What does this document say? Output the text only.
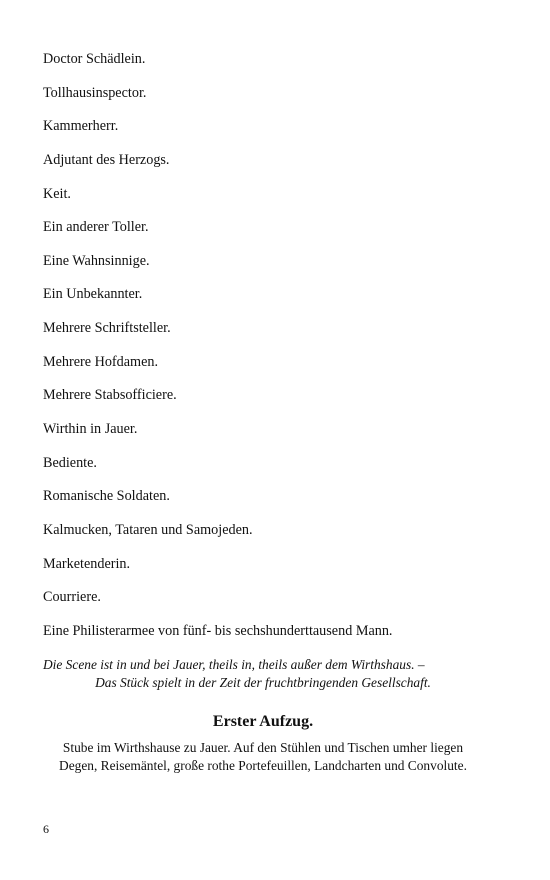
Doctor Schädlein.
Tollhausinspector.
Kammerherr.
Adjutant des Herzogs.
Keit.
Ein anderer Toller.
Eine Wahnsinnige.
Ein Unbekannter.
Mehrere Schriftsteller.
Mehrere Hofdamen.
Mehrere Stabsofficiere.
Wirthin in Jauer.
Bediente.
Romanische Soldaten.
Kalmucken, Tataren und Samojeden.
Marketenderin.
Courriere.
Eine Philisterarmee von fünf- bis sechshunderttausend Mann.
Die Scene ist in und bei Jauer, theils in, theils außer dem Wirthshaus. –
Das Stück spielt in der Zeit der fruchtbringenden Gesellschaft.
Erster Aufzug.
Stube im Wirthshause zu Jauer. Auf den Stühlen und Tischen umher liegen Degen, Reisemäntel, große rothe Portefeuillen, Landcharten und Convolute.
6
